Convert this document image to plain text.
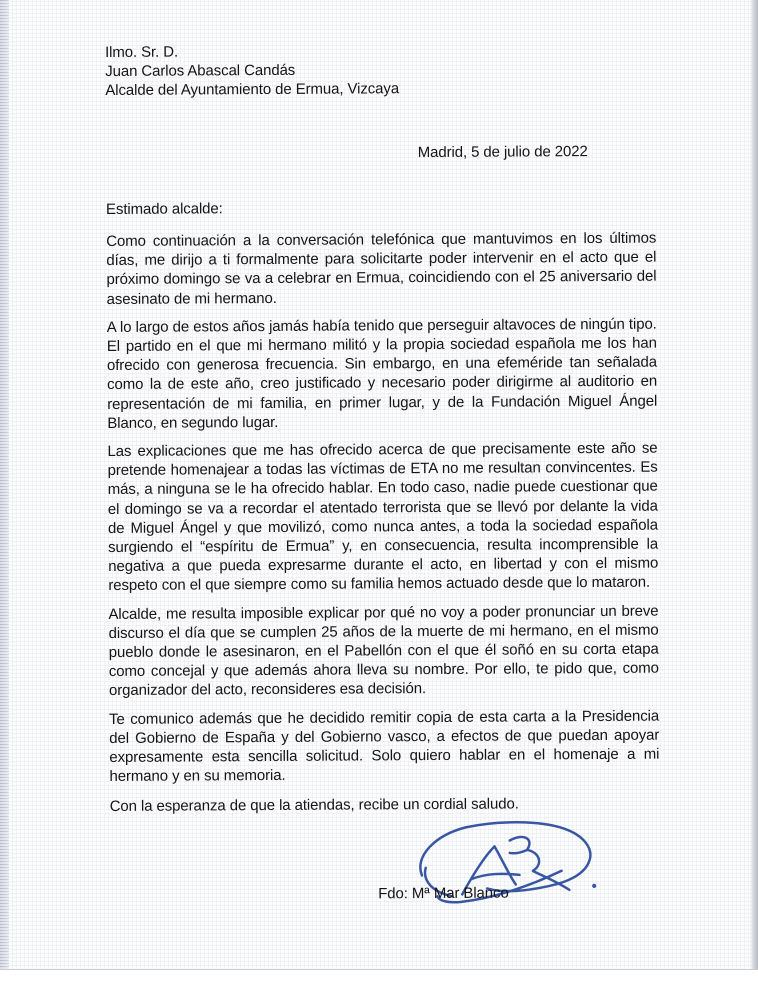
Ilmo. Sr. D.
Juan Carlos Abascal Candás
Alcalde del Ayuntamiento de Ermua, Vizcaya
Madrid, 5 de julio de 2022
Estimado alcalde:

Como continuación a la conversación telefónica que mantuvimos en los últimos días, me dirijo a ti formalmente para solicitarte poder intervenir en el acto que el próximo domingo se va a celebrar en Ermua, coincidiendo con el 25 aniversario del asesinato de mi hermano.

A lo largo de estos años jamás había tenido que perseguir altavoces de ningún tipo. El partido en el que mi hermano militó y la propia sociedad española me los han ofrecido con generosa frecuencia. Sin embargo, en una efeméride tan señalada como la de este año, creo justificado y necesario poder dirigirme al auditorio en representación de mi familia, en primer lugar, y de la Fundación Miguel Ángel Blanco, en segundo lugar.

Las explicaciones que me has ofrecido acerca de que precisamente este año se pretende homenajear a todas las víctimas de ETA no me resultan convincentes. Es más, a ninguna se le ha ofrecido hablar. En todo caso, nadie puede cuestionar que el domingo se va a recordar el atentado terrorista que se llevó por delante la vida de Miguel Ángel y que movilizó, como nunca antes, a toda la sociedad española surgiendo el “espíritu de Ermua” y, en consecuencia, resulta incomprensible la negativa a que pueda expresarme durante el acto, en libertad y con el mismo respeto con el que siempre como su familia hemos actuado desde que lo mataron.

Alcalde, me resulta imposible explicar por qué no voy a poder pronunciar un breve discurso el día que se cumplen 25 años de la muerte de mi hermano, en el mismo pueblo donde le asesinaron, en el Pabellón con el que él soñó en su corta etapa como concejal y que además ahora lleva su nombre. Por ello, te pido que, como organizador del acto, reconsideres esa decisión.

Te comunico además que he decidido remitir copia de esta carta a la Presidencia del Gobierno de España y del Gobierno vasco, a efectos de que puedan apoyar expresamente esta sencilla solicitud. Solo quiero hablar en el homenaje a mi hermano y en su memoria.

Con la esperanza de que la atiendas, recibe un cordial saludo.

Fdo: Mª Mar Blanco
